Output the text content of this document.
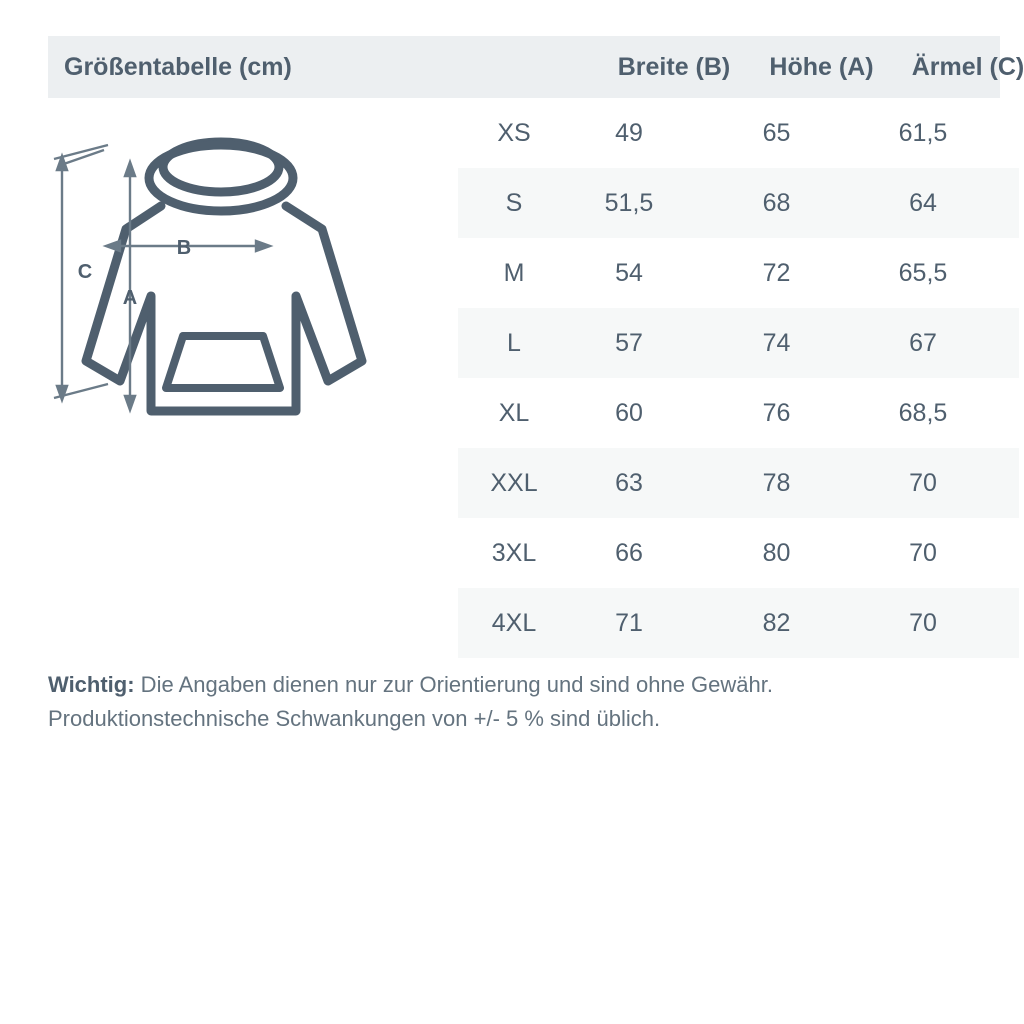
Größentabelle (cm)	Breite (B)	Höhe (A)	Ärmel (C)
B
A
C
XS	49	65	61,5
S	51,5	68	64
M	54	72	65,5
L	57	74	67
XL	60	76	68,5
XXL	63	78	70
3XL	66	80	70
4XL	71	82	70
Wichtig: Die Angaben dienen nur zur Orientierung und sind ohne Gewähr. Produktionstechnische Schwankungen von +/- 5 % sind üblich.
